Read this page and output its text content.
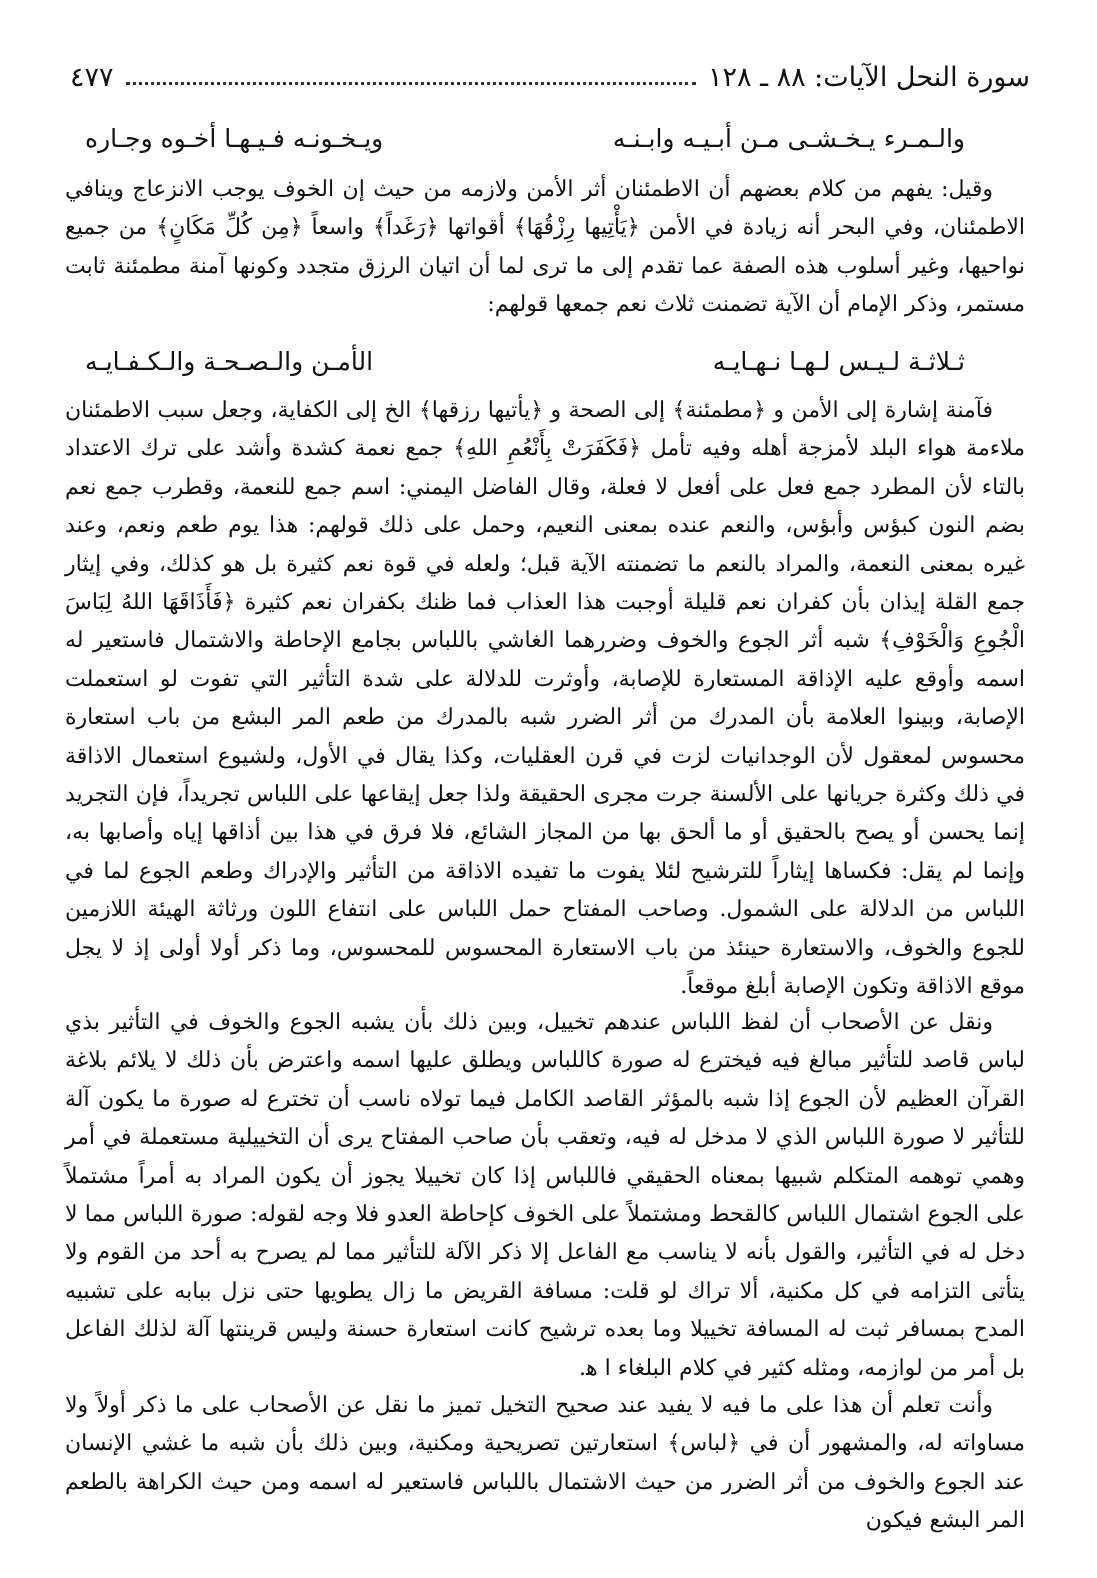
سورة النحل الآيات: ٨٨ ـ ١٢٨
٤٧٧
والـمـرء يـخـشـى مـن أبـيـه وابـنـه
ويـخـونـه فـيـهـا أخـوه وجـاره

وقيل: يفهم من كلام بعضهم أن الاطمئنان أثر الأمن ولازمه من حيث إن الخوف يوجب الانزعاج وينافي الاطمئنان، وفي البحر أنه زيادة في الأمن ﴿يَأْتِيها رِزْقُهَا﴾ أقواتها ﴿رَغَداً﴾ واسعاً ﴿مِن كُلِّ مَكَانٍ﴾ من جميع نواحيها، وغير أسلوب هذه الصفة عما تقدم إلى ما ترى لما أن اتيان الرزق متجدد وكونها آمنة مطمئنة ثابت مستمر، وذكر الإمام أن الآية تضمنت ثلاث نعم جمعها قولهم:

ثـلاثـة لـيـس لـهـا نـهـايـه
الأمـن والـصـحـة والـكـفـايـه

فآمنة إشارة إلى الأمن و ﴿مطمئنة﴾ إلى الصحة و ﴿يأتيها رزقها﴾ الخ إلى الكفاية، وجعل سبب الاطمئنان ملاءمة هواء البلد لأمزجة أهله وفيه تأمل ﴿فَكَفَرَتْ بِأَنْعُمِ اللهِ﴾ جمع نعمة كشدة وأشد على ترك الاعتداد بالتاء لأن المطرد جمع فعل على أفعل لا فعلة، وقال الفاضل اليمني: اسم جمع للنعمة، وقطرب جمع نعم بضم النون كبؤس وأبؤس، والنعم عنده بمعنى النعيم، وحمل على ذلك قولهم: هذا يوم طعم ونعم، وعند غيره بمعنى النعمة، والمراد بالنعم ما تضمنته الآية قبل؛ ولعله في قوة نعم كثيرة بل هو كذلك، وفي إيثار جمع القلة إيذان بأن كفران نعم قليلة أوجبت هذا العذاب فما ظنك بكفران نعم كثيرة ﴿فَأَذَاقَهَا اللهُ لِبَاسَ الْجُوعِ وَالْخَوْفِ﴾ شبه أثر الجوع والخوف وضررهما الغاشي باللباس بجامع الإحاطة والاشتمال فاستعير له اسمه وأوقع عليه الإذاقة المستعارة للإصابة، وأوثرت للدلالة على شدة التأثير التي تفوت لو استعملت الإصابة، وبينوا العلامة بأن المدرك من أثر الضرر شبه بالمدرك من طعم المر البشع من باب استعارة محسوس لمعقول لأن الوجدانيات لزت في قرن العقليات، وكذا يقال في الأول، ولشيوع استعمال الاذاقة في ذلك وكثرة جريانها على الألسنة جرت مجرى الحقيقة ولذا جعل إيقاعها على اللباس تجريداً، فإن التجريد إنما يحسن أو يصح بالحقيق أو ما ألحق بها من المجاز الشائع، فلا فرق في هذا بين أذاقها إياه وأصابها به، وإنما لم يقل: فكساها إيثاراً للترشيح لئلا يفوت ما تفيده الاذاقة من التأثير والإدراك وطعم الجوع لما في اللباس من الدلالة على الشمول. وصاحب المفتاح حمل اللباس على انتفاع اللون ورثاثة الهيئة اللازمين للجوع والخوف، والاستعارة حينئذ من باب الاستعارة المحسوس للمحسوس، وما ذكر أولا أولى إذ لا يجل موقع الاذاقة وتكون الإصابة أبلغ موقعاً.

ونقل عن الأصحاب أن لفظ اللباس عندهم تخييل، وبين ذلك بأن يشبه الجوع والخوف في التأثير بذي لباس قاصد للتأثير مبالغ فيه فيخترع له صورة كاللباس ويطلق عليها اسمه واعترض بأن ذلك لا يلائم بلاغة القرآن العظيم لأن الجوع إذا شبه بالمؤثر القاصد الكامل فيما تولاه ناسب أن تخترع له صورة ما يكون آلة للتأثير لا صورة اللباس الذي لا مدخل له فيه، وتعقب بأن صاحب المفتاح يرى أن التخييلية مستعملة في أمر وهمي توهمه المتكلم شبيها بمعناه الحقيقي فاللباس إذا كان تخييلا يجوز أن يكون المراد به أمراً مشتملاً على الجوع اشتمال اللباس كالقحط ومشتملاً على الخوف كإحاطة العدو فلا وجه لقوله: صورة اللباس مما لا دخل له في التأثير، والقول بأنه لا يناسب مع الفاعل إلا ذكر الآلة للتأثير مما لم يصرح به أحد من القوم ولا يتأتى التزامه في كل مكنية، ألا تراك لو قلت: مسافة القريض ما زال يطويها حتى نزل ببابه على تشبيه المدح بمسافر ثبت له المسافة تخييلا وما بعده ترشيح كانت استعارة حسنة وليس قرينتها آلة لذلك الفاعل بل أمر من لوازمه، ومثله كثير في كلام البلغاء ا ﻫ.

وأنت تعلم أن هذا على ما فيه لا يفيد عند صحيح التخيل تميز ما نقل عن الأصحاب على ما ذكر أولاً ولا مساواته له، والمشهور أن في ﴿لباس﴾ استعارتين تصريحية ومكنية، وبين ذلك بأن شبه ما غشي الإنسان عند الجوع والخوف من أثر الضرر من حيث الاشتمال باللباس فاستعير له اسمه ومن حيث الكراهة بالطعم المر البشع فيكون
